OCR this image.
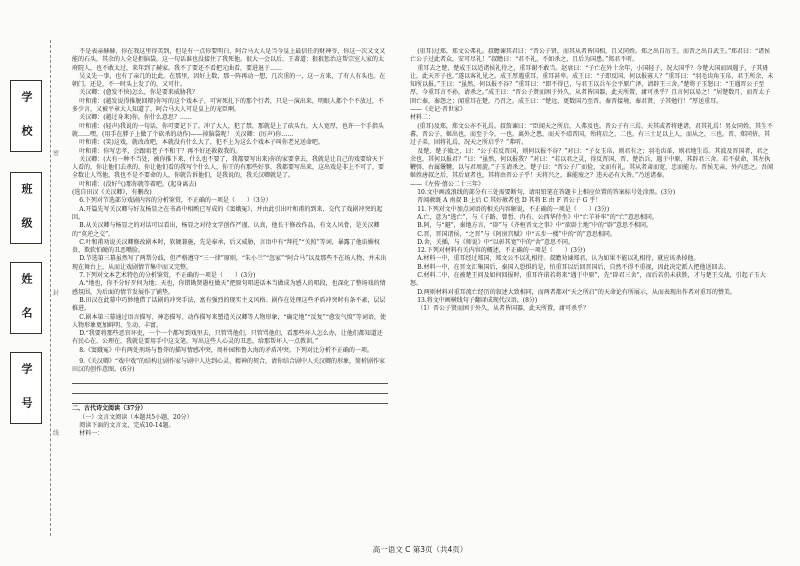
学 校
班 级
姓 名
学 号
密
封
线

不是表亲赫赫，你在我这里得美到，但是有一点你要明白，阿合马大人是当今皇上最信任的财神爷，你这一次又文又能的石头，其余的人全是拒脑袋，这一句话谁也没接住了我死他。很大一会以后，王著道：狠狠惩治这帮宗室人家的太府院人，也不敢太过，来年到了赫家。我不了要还不看把元曲看，要进退于……

吴义先一事，也有了亲几的比此。在那里，因好上数，那一阵再动一想，几次重的一，这一方来，了有人有头也。在朝门，还是，不一时头上发了的，又可什。

关汉卿：(愈发不快)怎么，你是要来威胁我？

叶和甫：(越发说得推脱回辩)你写的这个戏本子，可害死扎下的那个行者，只是一演出来，明眼人都个个不放过，不多少言，又被平章大人知道了，阿合马大人可是皇上的宠臣啊。

关汉卿：(越过身来)你，你什么意思？……

叶和甫：(轻声)我说的一句话，你可要记下了。冲了大人，犯了禁，那就是上了砍头台，大人宽厚，也许一个手指头就……嘿，(用手在脖子上做了个砍杀的动作)——掉脑袋呢！ 关汉卿：(厉声)你……

叶和甫：(笑)这戏，就改改吧，本就没有什么大了，犯不上为这么个戏本子叫你老兄送命吧。

叶和甫：你写忠孝，会跟咱老子不和干？再不好还救救我的。

关汉卿：(大有一种不当处，被你推下来，什么也不要了，我都要写出来)你的家要拿去，我就是让自己的戏要给天下人看的，你让他们去杀的，你让他们看的我写个什么人，你干的有那些好事，我都要写出来，这出戏是非上不可了，要全数让人骂他，我也不是不要命的人，你就告诉他们，是我说的，我关汉卿就是了。

叶和甫：(没好气)那你就等着吧。(起身离去)

(选自田汉《关汉卿》，有删改)

6.下列对节选部分戏剧内容的分析鉴赏，不正确的一项是（　　）（3分）

A.开篇先写关汉卿与好友杨显之在书斋中相酌已写成的《窦娥冤》，并由此引出叶和甫的到来，交代了戏剧冲突的起因。

B.从关汉卿与杨显之的对话可以看出，杨显之对待文学创作严谨、认真，他长于修改作品，有文人风骨，是关汉卿的“莫逆之交”。

C.叶和甫劝说关汉卿修改剧本时，软硬兼施，先是奉承，后又威胁，言语中有“拜托”“关照”等词，暴露了他谄媚权贵、欺软怕硬的丑恶嘴脸。

D.节选第三幕虽然写了两帮分歧，但严格遵守“三一律”原则，“朱小兰”“忽家”“阿合马”以及那些不在场人物，并未出现在舞台上，从而让戏剧情节集中而又完整。

7.下列对文本艺术特色的分析鉴赏，不正确的一项是（　　）(3分)

A.“地也，你不分好歹何为地；天也，你错勘贤愚枉做天”把原句唱进话本当做成为感人的唱段，也深化了整场戏的情感氛围，为后面的情节发展作了铺垫。

B.田汉在此幕中巧妙地借了话剧的冲突手法，富有强烈的现实主义风格。剧作在处理这些矛盾冲突时有条不紊，层层推进。

C.剧本第三幕通过语言描写、神态描写、动作描写来塑造关汉卿等人物形象，“确定地”“反复”“愈发气愤”等词语，使人物形象更加鲜明、生动、丰富。

D.“我要将那些恶官坏吏，一个一个都写到戏里去，只管骂他们，只管骂他们，看那些坏人怎么办，让他们都知道还有民心在、公理在，我就是要用手中这支笔，写出这些人心灵的丑恶，给那帮坏人一点教训。”

8.《窦娥冤》中有两处刑场与鲁莽的描写情感冲突，周朴园和鲁大海的矛盾冲突。下列对比分析不正确的一项。

9.《关汉卿》“戏中戏”的结构让剧作家与剧中人达到心灵、精神的契合，请你结合剧中人关汉卿的形象，简析剧作家田汉的创作意图。(6分)

二、古代诗文阅读（37分）

（一）文言文阅读（本题共5小题，20分）

阅读下面的文言文，完成10-14题。

材料一：

(重耳)过郑，郑文公弗礼。叔瞻谏其君曰：“晋公子贤，而其从者皆国相，且又同姓。郑之出自厉王，而晋之出自武王。”郑君曰：“诸侯亡公子过此者众，安可尽礼！”叔瞻曰：“君不礼，不如杀之，且后为国患。”郑君不听。

重耳去之楚，楚成王以适诸侯礼待之，重耳谢不敢当。赵衰曰：“子亡在外十余年，小国轻子，况大国乎？今楚大国而固遇子，子其毋让，此天开子也。”遂以客礼见之。成王厚遇重耳，重耳甚卑。成王曰：“子即反国，何以报寡人？”重耳曰：“羽毛齿角玉帛，君王所余，未知所以报。”王曰：“虽然，何以报不谷？”重耳曰：“即不得已，与君王以兵车会平原广泽，请辟王三舍。”楚将子玉怒曰：“王遇晋公子至厚，今重耳言不孙，请杀之。”成王曰：“晋公子贤而困于外久，从者皆国器，此天所置，庸可杀乎？且言何以易之！”居楚数月，而晋太子圉亡秦，秦怨之；闻重耳在楚，乃召之。成王曰：“楚远，更数国乃至晋。秦晋接境，秦君贤，子其勉行！”厚送重耳。

——《史记·晋世家》

材料二：

(重耳)及郑，郑文公亦不礼焉。叔詹谏曰：“臣闻天之所启，人弗及也。晋公子有三焉，天其或者将建诸，君其礼焉！男女同姓，其生不蕃。晋公子，姬出也，而至于今，一也。离外之患，而天不靖晋国，殆将启之，二也。有三士足以上人，而从之，三也。晋、郑同侪，其过子弟，固将礼焉，况天之所启乎？”弗听。

及楚，楚子飨之，曰：“公子若反晋国，则何以报不谷？”对曰：“子女玉帛，则君有之；羽毛齿革，则君地生焉。其波及晋国者，君之余也，其何以报君？”曰：“虽然，何以报我？”对曰：“若以君之灵，得反晋国，晋、楚治兵，遇于中原，其辟君三舍。若不获命，其左执鞭弭，右属櫜鞬，以与君周旋。”子玉请杀之。楚子曰：“晋公子广而俭，文而有礼。其从者肃而宽，忠而能力。晋侯无亲，外内恶之。吾闻姬姓唐叔之后，其后衰者也，其将由晋公子乎！天将兴之，谁能废之？违天必有大咎。”乃送诸秦。

——《左传·僖公二十三年》

10.文中画波浪线的部分有三处需要断句，请用铅笔在答题卡上相应位置的答案标号处涂黑。(3分)

晋闻赦既 A 南叔 B 上后 C 其好赦者也 D 其将 E 由 F 晋公子 G 乎！

11.下列对文中加点词语的相关内容解说，不正确的一项是（　　）(3分)

A.亡，意为“逃亡”，与《子路、曾皙、冉有、公西华侍坐》中“亡羊补牢”的“亡”意思相同。

B.阿，与“避”，秦地方言，“辟”与《齐桓晋文之事》中“欲辟土地”中的“辟”意思不相同。

C.晋，晋国诸侯，“之晋”与《阿房宫赋》中“五步一楼”中的“的”意思相同。

D.舍，关插，与《师说》中“以彰其宽”中的“舍”意思不同。

12.下列对材料有关内容的概述，不正确的一项是（　　）(3分)

A.材料一中，重耳经过郑国，郑文公不以礼相待。叔瞻劝谏郑君，认为如果不能以礼相待，就应该杀掉他。

B.材料一中，在晋文汇集国后，秦国人恐惧的是，怕重耳以后回晋国后，自然不得不重视，因此决定派人把他送回去。

C.材料二中，在被楚王问及如何回报时，重耳许诺若将来“遇于中原”，先“辟君三舍”，而后若仍未获胜，才与楚王交战，引起子玉大怒。

D.两则材料对重耳流亡经历的叙述大致相同，而两者都对“天之所启”的天命论有所展示，从而表现出作者对重耳的赞美。

13.将文中画横线句子翻译成现代汉语。(8分)

（1）晋公子贤而困于外久，从者皆国器，此天所置，庸可杀乎？

高一语文 C 第3页（共4页）
